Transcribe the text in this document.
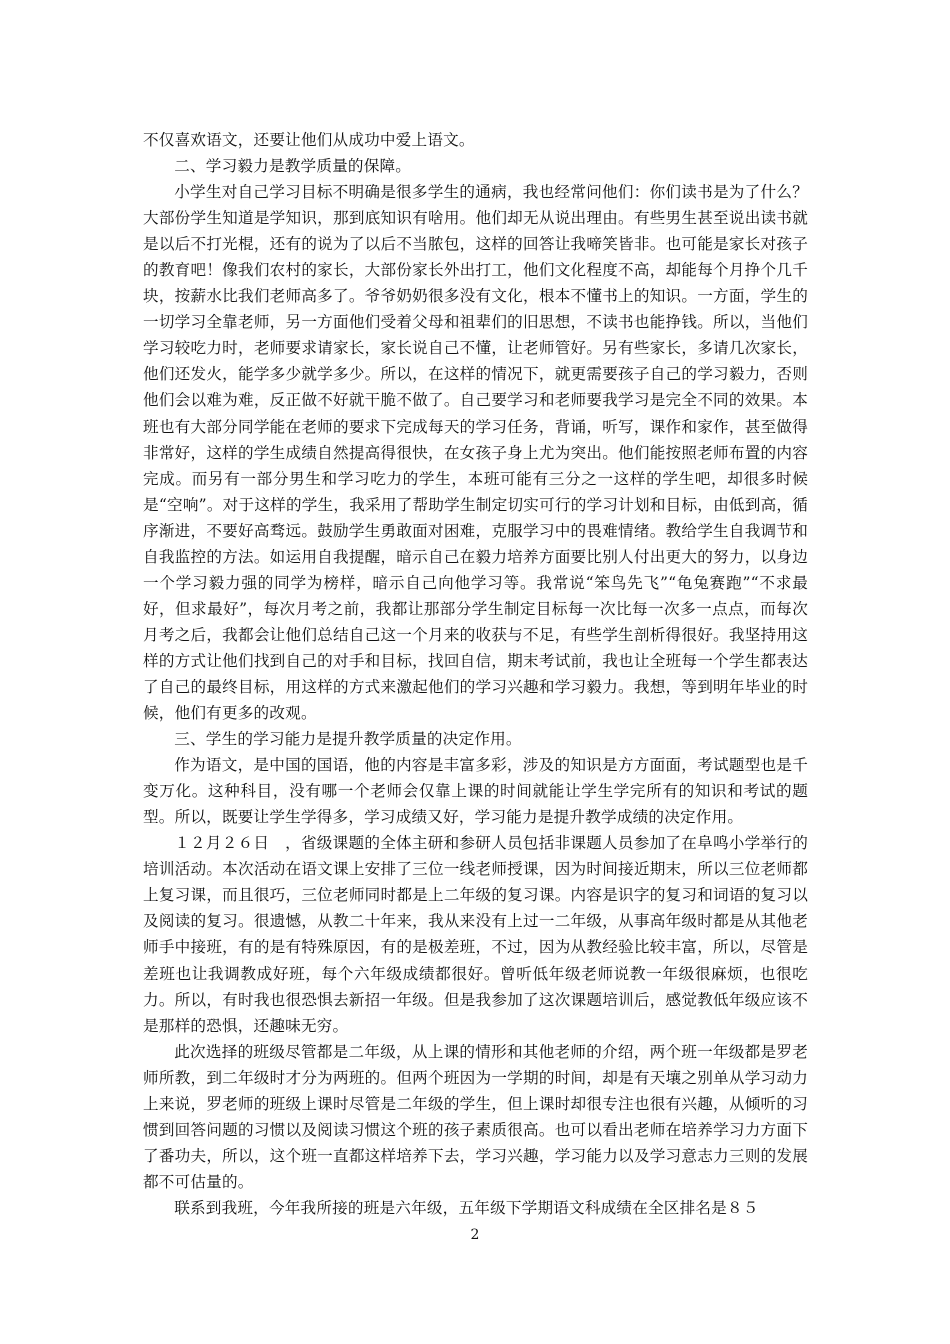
不仅喜欢语文，还要让他们从成功中爱上语文。

二、学习毅力是教学质量的保障。

小学生对自己学习目标不明确是很多学生的通病，我也经常问他们：你们读书是为了什么？大部份学生知道是学知识，那到底知识有啥用。他们却无从说出理由。有些男生甚至说出读书就是以后不打光棍，还有的说为了以后不当脓包，这样的回答让我啼笑皆非。也可能是家长对孩子的教育吧！像我们农村的家长，大部份家长外出打工，他们文化程度不高，却能每个月挣个几千块，按薪水比我们老师高多了。爷爷奶奶很多没有文化，根本不懂书上的知识。一方面，学生的一切学习全靠老师，另一方面他们受着父母和祖辈们的旧思想，不读书也能挣钱。所以，当他们学习较吃力时，老师要求请家长，家长说自己不懂，让老师管好。另有些家长，多请几次家长，他们还发火，能学多少就学多少。所以，在这样的情况下，就更需要孩子自己的学习毅力，否则他们会以难为难，反正做不好就干脆不做了。自己要学习和老师要我学习是完全不同的效果。本班也有大部分同学能在老师的要求下完成每天的学习任务，背诵，听写，课作和家作，甚至做得非常好，这样的学生成绩自然提高得很快，在女孩子身上尤为突出。他们能按照老师布置的内容完成。而另有一部分男生和学习吃力的学生，本班可能有三分之一这样的学生吧，却很多时候是“空响”。对于这样的学生，我采用了帮助学生制定切实可行的学习计划和目标，由低到高，循序渐进，不要好高骛远。鼓励学生勇敢面对困难，克服学习中的畏难情绪。教给学生自我调节和自我监控的方法。如运用自我提醒，暗示自己在毅力培养方面要比别人付出更大的努力，以身边一个学习毅力强的同学为榜样，暗示自己向他学习等。我常说“笨鸟先飞”“龟兔赛跑”“不求最好，但求最好”，每次月考之前，我都让那部分学生制定目标每一次比每一次多一点点，而每次月考之后，我都会让他们总结自己这一个月来的收获与不足，有些学生剖析得很好。我坚持用这样的方式让他们找到自己的对手和目标，找回自信，期末考试前，我也让全班每一个学生都表达了自己的最终目标，用这样的方式来激起他们的学习兴趣和学习毅力。我想，等到明年毕业的时候，他们有更多的改观。

三、学生的学习能力是提升教学质量的决定作用。

作为语文，是中国的国语，他的内容是丰富多彩，涉及的知识是方方面面，考试题型也是千变万化。这种科目，没有哪一个老师会仅靠上课的时间就能让学生学完所有的知识和考试的题型。所以，既要让学生学得多，学习成绩又好，学习能力是提升教学成绩的决定作用。

１２月２６日　，省级课题的全体主研和参研人员包括非课题人员参加了在阜鸣小学举行的培训活动。本次活动在语文课上安排了三位一线老师授课，因为时间接近期末，所以三位老师都上复习课，而且很巧，三位老师同时都是上二年级的复习课。内容是识字的复习和词语的复习以及阅读的复习。很遗憾，从教二十年来，我从来没有上过一二年级，从事高年级时都是从其他老师手中接班，有的是有特殊原因，有的是极差班，不过，因为从教经验比较丰富，所以，尽管是差班也让我调教成好班，每个六年级成绩都很好。曾听低年级老师说教一年级很麻烦，也很吃力。所以，有时我也很恐惧去新招一年级。但是我参加了这次课题培训后，感觉教低年级应该不是那样的恐惧，还趣味无穷。

此次选择的班级尽管都是二年级，从上课的情形和其他老师的介绍，两个班一年级都是罗老师所教，到二年级时才分为两班的。但两个班因为一学期的时间，却是有天壤之别单从学习动力上来说，罗老师的班级上课时尽管是二年级的学生，但上课时却很专注也很有兴趣，从倾听的习惯到回答问题的习惯以及阅读习惯这个班的孩子素质很高。也可以看出老师在培养学习力方面下了番功夫，所以，这个班一直都这样培养下去，学习兴趣，学习能力以及学习意志力三则的发展都不可估量的。

联系到我班，今年我所接的班是六年级，五年级下学期语文科成绩在全区排名是８５

2
